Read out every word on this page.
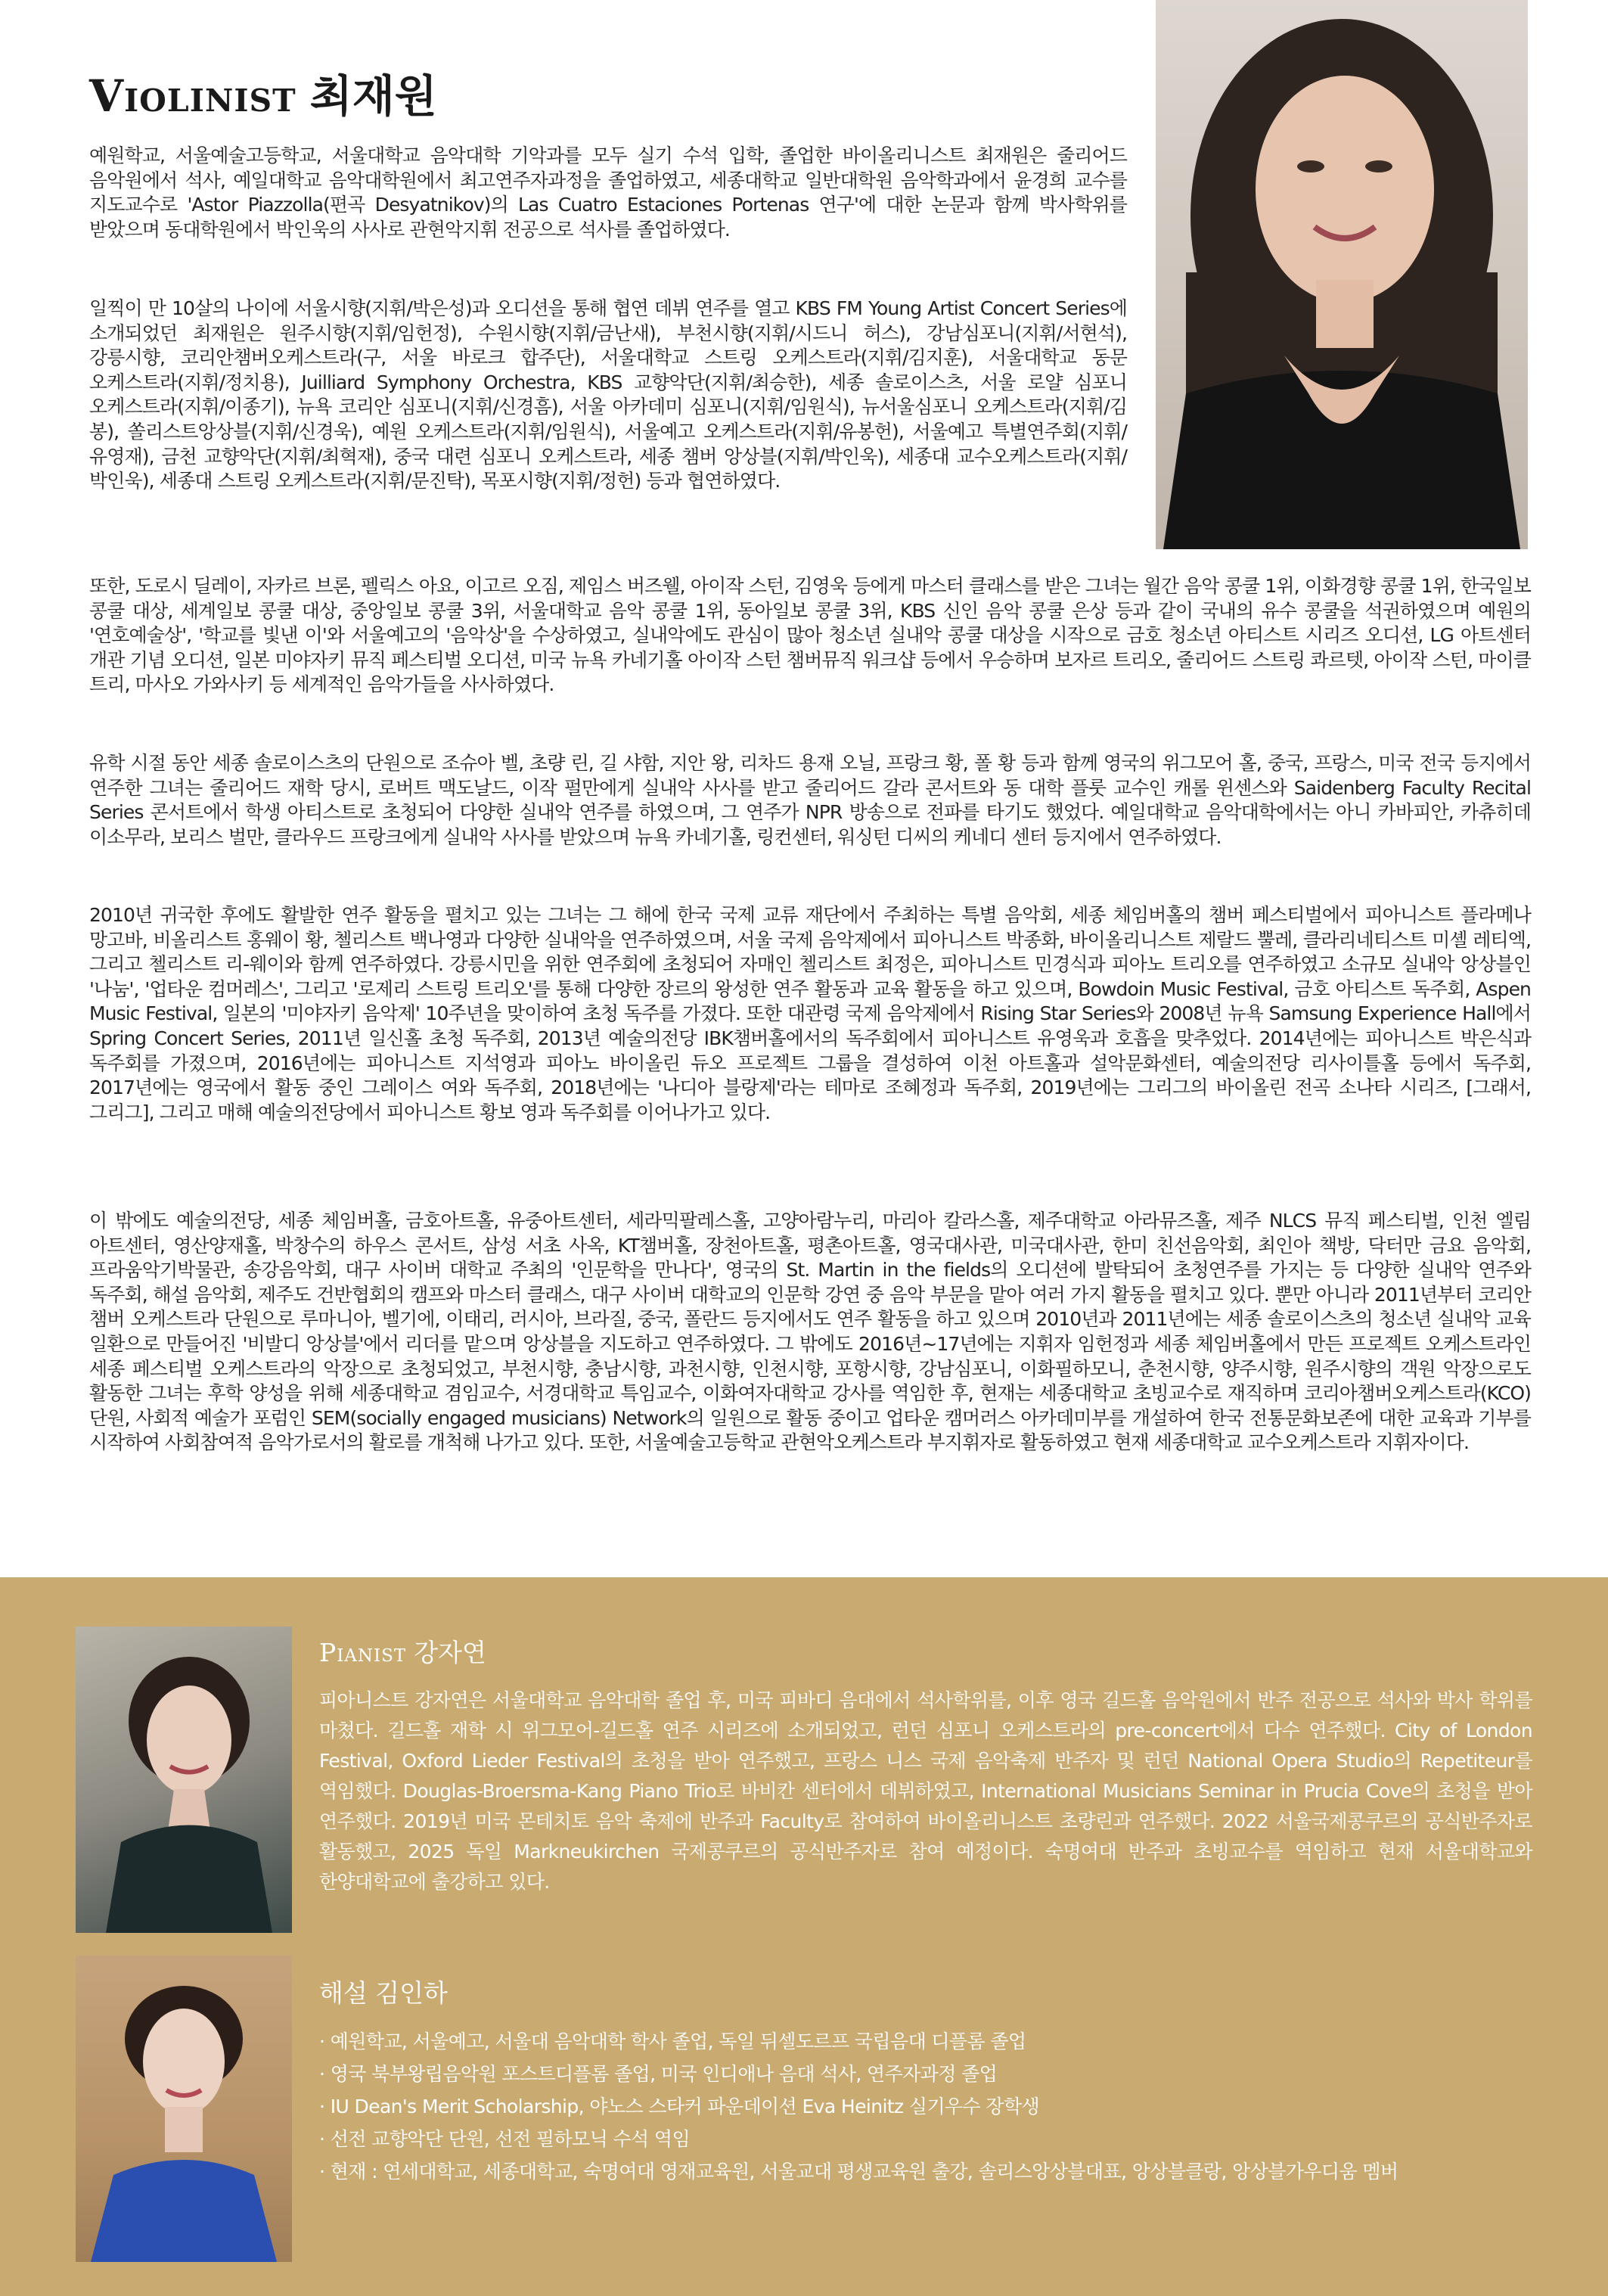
Violinist 최재원

예원학교, 서울예술고등학교, 서울대학교 음악대학 기악과를 모두 실기 수석 입학, 졸업한 바이올리니스트 최재원은 줄리어드 음악원에서 석사, 예일대학교 음악대학원에서 최고연주자과정을 졸업하였고, 세종대학교 일반대학원 음악학과에서 윤경희 교수를 지도교수로 'Astor Piazzolla(편곡 Desyatnikov)의 Las Cuatro Estaciones Portenas 연구'에 대한 논문과 함께 박사학위를 받았으며 동대학원에서 박인욱의 사사로 관현악지휘 전공으로 석사를 졸업하였다.

일찍이 만 10살의 나이에 서울시향(지휘/박은성)과 오디션을 통해 협연 데뷔 연주를 열고 KBS FM Young Artist Concert Series에 소개되었던 최재원은 원주시향(지휘/임헌정), 수원시향(지휘/금난새), 부천시향(지휘/시드니 허스), 강남심포니(지휘/서현석), 강릉시향, 코리안챔버오케스트라(구, 서울 바로크 합주단), 서울대학교 스트링 오케스트라(지휘/김지훈), 서울대학교 동문 오케스트라(지휘/정치용), Juilliard Symphony Orchestra, KBS 교향악단(지휘/최승한), 세종 솔로이스츠, 서울 로얄 심포니 오케스트라(지휘/이종기), 뉴욕 코리안 심포니(지휘/신경흠), 서울 아카데미 심포니(지휘/임원식), 뉴서울심포니 오케스트라(지휘/김 봉), 쏠리스트앙상블(지휘/신경욱), 예원 오케스트라(지휘/임원식), 서울예고 오케스트라(지휘/유봉헌), 서울예고 특별연주회(지휘/유영재), 금천 교향악단(지휘/최혁재), 중국 대련 심포니 오케스트라, 세종 챔버 앙상블(지휘/박인욱), 세종대 교수오케스트라(지휘/박인욱), 세종대 스트링 오케스트라(지휘/문진탁), 목포시향(지휘/정헌) 등과 협연하였다.

또한, 도로시 딜레이, 자카르 브론, 펠릭스 아요, 이고르 오짐, 제임스 버즈웰, 아이작 스턴, 김영욱 등에게 마스터 클래스를 받은 그녀는 월간 음악 콩쿨 1위, 이화경향 콩쿨 1위, 한국일보 콩쿨 대상, 세계일보 콩쿨 대상, 중앙일보 콩쿨 3위, 서울대학교 음악 콩쿨 1위, 동아일보 콩쿨 3위, KBS 신인 음악 콩쿨 은상 등과 같이 국내의 유수 콩쿨을 석권하였으며 예원의 '연호예술상', '학교를 빛낸 이'와 서울예고의 '음악상'을 수상하였고, 실내악에도 관심이 많아 청소년 실내악 콩쿨 대상을 시작으로 금호 청소년 아티스트 시리즈 오디션, LG 아트센터 개관 기념 오디션, 일본 미야자키 뮤직 페스티벌 오디션, 미국 뉴욕 카네기홀 아이작 스턴 챔버뮤직 워크샵 등에서 우승하며 보자르 트리오, 줄리어드 스트링 콰르텟, 아이작 스턴, 마이클 트리, 마사오 가와사키 등 세계적인 음악가들을 사사하였다.

유학 시절 동안 세종 솔로이스츠의 단원으로 조슈아 벨, 초량 린, 길 샤함, 지안 왕, 리차드 용재 오닐, 프랑크 황, 폴 황 등과 함께 영국의 위그모어 홀, 중국, 프랑스, 미국 전국 등지에서 연주한 그녀는 줄리어드 재학 당시, 로버트 맥도날드, 이작 펄만에게 실내악 사사를 받고 줄리어드 갈라 콘서트와 동 대학 플룻 교수인 캐롤 윈센스와 Saidenberg Faculty Recital Series 콘서트에서 학생 아티스트로 초청되어 다양한 실내악 연주를 하였으며, 그 연주가 NPR 방송으로 전파를 타기도 했었다. 예일대학교 음악대학에서는 아니 카바피안, 카츄히데 이소무라, 보리스 벌만, 클라우드 프랑크에게 실내악 사사를 받았으며 뉴욕 카네기홀, 링컨센터, 워싱턴 디씨의 케네디 센터 등지에서 연주하였다.

2010년 귀국한 후에도 활발한 연주 활동을 펼치고 있는 그녀는 그 해에 한국 국제 교류 재단에서 주최하는 특별 음악회, 세종 체임버홀의 챔버 페스티벌에서 피아니스트 플라메나 망고바, 비올리스트 홍웨이 황, 첼리스트 백나영과 다양한 실내악을 연주하였으며, 서울 국제 음악제에서 피아니스트 박종화, 바이올리니스트 제랄드 뿔레, 클라리네티스트 미셸 레티엑, 그리고 첼리스트 리-웨이와 함께 연주하였다. 강릉시민을 위한 연주회에 초청되어 자매인 첼리스트 최정은, 피아니스트 민경식과 피아노 트리오를 연주하였고 소규모 실내악 앙상블인 '나눔', '업타운 컴머레스', 그리고 '로제리 스트링 트리오'를 통해 다양한 장르의 왕성한 연주 활동과 교육 활동을 하고 있으며, Bowdoin Music Festival, 금호 아티스트 독주회, Aspen Music Festival, 일본의 '미야자키 음악제' 10주년을 맞이하여 초청 독주를 가졌다. 또한 대관령 국제 음악제에서 Rising Star Series와 2008년 뉴욕 Samsung Experience Hall에서 Spring Concert Series, 2011년 일신홀 초청 독주회, 2013년 예술의전당 IBK챔버홀에서의 독주회에서 피아니스트 유영욱과 호흡을 맞추었다. 2014년에는 피아니스트 박은식과 독주회를 가졌으며, 2016년에는 피아니스트 지석영과 피아노 바이올린 듀오 프로젝트 그룹을 결성하여 이천 아트홀과 설악문화센터, 예술의전당 리사이틀홀 등에서 독주회, 2017년에는 영국에서 활동 중인 그레이스 여와 독주회, 2018년에는 '나디아 블랑제'라는 테마로 조혜정과 독주회, 2019년에는 그리그의 바이올린 전곡 소나타 시리즈, [그래서, 그리그], 그리고 매해 예술의전당에서 피아니스트 황보 영과 독주회를 이어나가고 있다.

이 밖에도 예술의전당, 세종 체임버홀, 금호아트홀, 유중아트센터, 세라믹팔레스홀, 고양아람누리, 마리아 칼라스홀, 제주대학교 아라뮤즈홀, 제주 NLCS 뮤직 페스티벌, 인천 엘림 아트센터, 영산양재홀, 박창수의 하우스 콘서트, 삼성 서초 사옥, KT챔버홀, 장천아트홀, 평촌아트홀, 영국대사관, 미국대사관, 한미 친선음악회, 최인아 책방, 닥터만 금요 음악회, 프라움악기박물관, 송강음악회, 대구 사이버 대학교 주최의 '인문학을 만나다', 영국의 St. Martin in the fields의 오디션에 발탁되어 초청연주를 가지는 등 다양한 실내악 연주와 독주회, 해설 음악회, 제주도 건반협회의 캠프와 마스터 클래스, 대구 사이버 대학교의 인문학 강연 중 음악 부문을 맡아 여러 가지 활동을 펼치고 있다. 뿐만 아니라 2011년부터 코리안 챔버 오케스트라 단원으로 루마니아, 벨기에, 이태리, 러시아, 브라질, 중국, 폴란드 등지에서도 연주 활동을 하고 있으며 2010년과 2011년에는 세종 솔로이스츠의 청소년 실내악 교육 일환으로 만들어진 '비발디 앙상블'에서 리더를 맡으며 앙상블을 지도하고 연주하였다. 그 밖에도 2016년~17년에는 지휘자 임헌정과 세종 체임버홀에서 만든 프로젝트 오케스트라인 세종 페스티벌 오케스트라의 악장으로 초청되었고, 부천시향, 충남시향, 과천시향, 인천시향, 포항시향, 강남심포니, 이화필하모니, 춘천시향, 양주시향, 원주시향의 객원 악장으로도 활동한 그녀는 후학 양성을 위해 세종대학교 겸임교수, 서경대학교 특임교수, 이화여자대학교 강사를 역임한 후, 현재는 세종대학교 초빙교수로 재직하며 코리아챔버오케스트라(KCO) 단원, 사회적 예술가 포럼인 SEM(socially engaged musicians) Network의 일원으로 활동 중이고 업타운 캠머러스 아카데미부를 개설하여 한국 전통문화보존에 대한 교육과 기부를 시작하여 사회참여적 음악가로서의 활로를 개척해 나가고 있다. 또한, 서울예술고등학교 관현악오케스트라 부지휘자로 활동하였고 현재 세종대학교 교수오케스트라 지휘자이다.

Pianist 강자연

피아니스트 강자연은 서울대학교 음악대학 졸업 후, 미국 피바디 음대에서 석사학위를, 이후 영국 길드홀 음악원에서 반주 전공으로 석사와 박사 학위를 마쳤다. 길드홀 재학 시 위그모어-길드홀 연주 시리즈에 소개되었고, 런던 심포니 오케스트라의 pre-concert에서 다수 연주했다. City of London Festival, Oxford Lieder Festival의 초청을 받아 연주했고, 프랑스 니스 국제 음악축제 반주자 및 런던 National Opera Studio의 Repetiteur를 역임했다. Douglas-Broersma-Kang Piano Trio로 바비칸 센터에서 데뷔하였고, International Musicians Seminar in Prucia Cove의 초청을 받아 연주했다. 2019년 미국 몬테치토 음악 축제에 반주과 Faculty로 참여하여 바이올리니스트 초량린과 연주했다. 2022 서울국제콩쿠르의 공식반주자로 활동했고, 2025 독일 Markneukirchen 국제콩쿠르의 공식반주자로 참여 예정이다. 숙명여대 반주과 초빙교수를 역임하고 현재 서울대학교와 한양대학교에 출강하고 있다.

해설 김인하
· 예원학교, 서울예고, 서울대 음악대학 학사 졸업, 독일 뒤셀도르프 국립음대 디플롬 졸업
· 영국 북부왕립음악원 포스트디플롬 졸업, 미국 인디애나 음대 석사, 연주자과정 졸업
· IU Dean's Merit Scholarship, 야노스 스타커 파운데이션 Eva Heinitz 실기우수 장학생
· 선전 교향악단 단원, 선전 필하모닉 수석 역임
· 현재 : 연세대학교, 세종대학교, 숙명여대 영재교육원, 서울교대 평생교육원 출강, 솔리스앙상블대표, 앙상블클랑, 앙상블가우디움 멤버
